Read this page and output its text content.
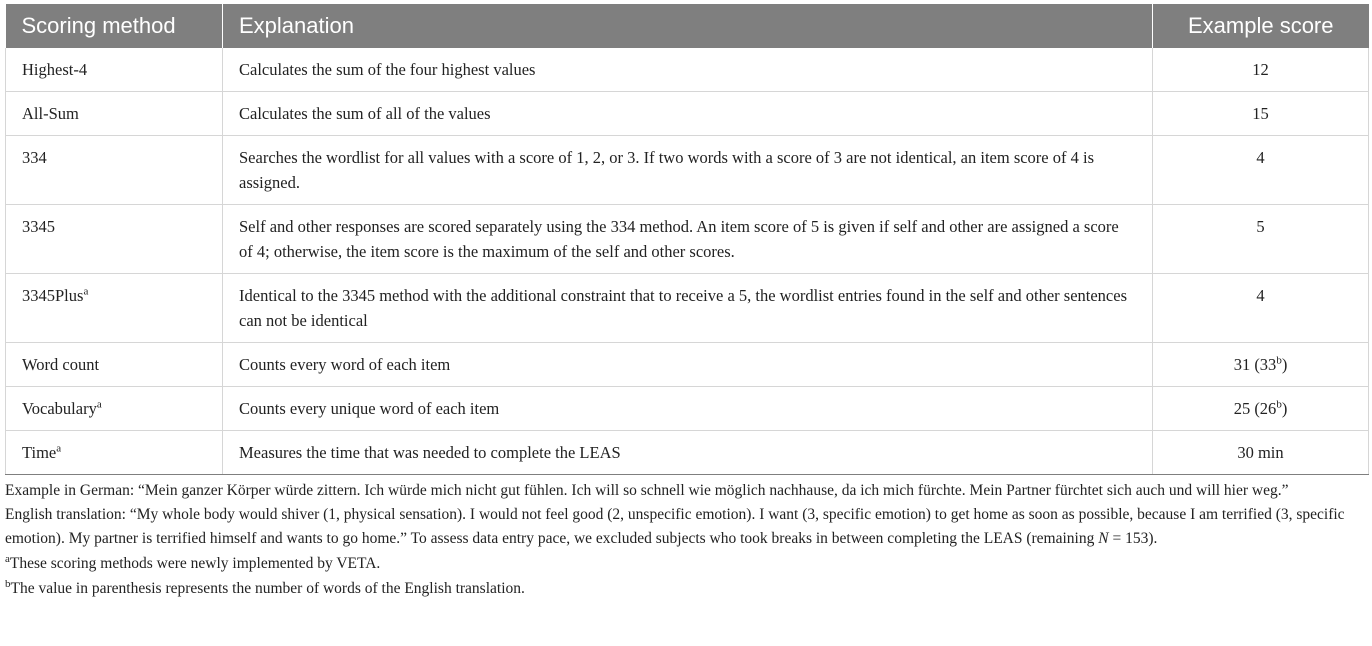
Scoring method	Explanation	Example score
Highest-4	Calculates the sum of the four highest values	12
All-Sum	Calculates the sum of all of the values	15
334	Searches the wordlist for all values with a score of 1, 2, or 3. If two words with a score of 3 are not identical, an item score of 4 is assigned.	4
3345	Self and other responses are scored separately using the 334 method. An item score of 5 is given if self and other are assigned a score of 4; otherwise, the item score is the maximum of the self and other scores.	5
3345Plus$^a$	Identical to the 3345 method with the additional constraint that to receive a 5, the wordlist entries found in the self and other sentences can not be identical	4
Word count	Counts every word of each item	31 (33$^b$)
Vocabulary$^a$	Counts every unique word of each item	25 (26$^b$)
Time$^a$	Measures the time that was needed to complete the LEAS	30 min

Example in German: “Mein ganzer Körper würde zittern. Ich würde mich nicht gut fühlen. Ich will so schnell wie möglich nachhause, da ich mich fürchte. Mein Partner fürchtet sich auch und will hier weg.”

English translation: “My whole body would shiver (1, physical sensation). I would not feel good (2, unspecific emotion). I want (3, specific emotion) to get home as soon as possible, because I am terrified (3, specific emotion). My partner is terrified himself and wants to go home.” To assess data entry pace, we excluded subjects who took breaks in between completing the LEAS (remaining N = 153).

$^a$These scoring methods were newly implemented by VETA.

$^b$The value in parenthesis represents the number of words of the English translation.
